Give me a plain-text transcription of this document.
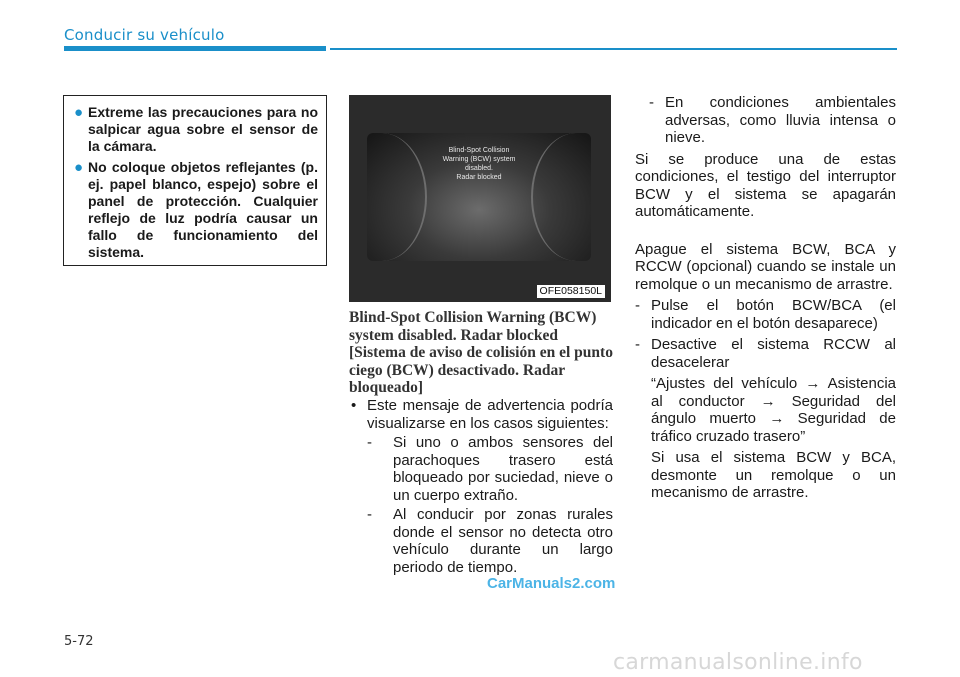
Conducir su vehículo
● Extreme las precauciones para no salpicar agua sobre el sensor de la cámara.
● No coloque objetos reflejantes (p. ej. papel blanco, espejo) sobre el panel de protección. Cualquier reflejo de luz podría causar un fallo de funcionamiento del sistema.
Blind-Spot Collision
Warning (BCW) system
disabled.
Radar blocked
OFE058150L
Blind-Spot Collision Warning (BCW) system disabled. Radar blocked [Sistema de aviso de colisión en el punto ciego (BCW) desactivado. Radar bloqueado]
• Este mensaje de advertencia podría visualizarse en los casos siguientes:
- Si uno o ambos sensores del parachoques trasero está bloqueado por suciedad, nieve o un cuerpo extraño.
- Al conducir por zonas rurales donde el sensor no detecta otro vehículo durante un largo periodo de tiempo.
- En condiciones ambientales adversas, como lluvia intensa o nieve.

Si se produce una de estas condiciones, el testigo del interruptor BCW y el sistema se apagarán automáticamente.

Apague el sistema BCW, BCA y RCCW (opcional) cuando se instale un remolque o un mecanismo de arrastre.

- Pulse el botón BCW/BCA (el indicador en el botón desaparece)
- Desactive el sistema RCCW al desacelerar
“Ajustes del vehículo → Asistencia al conductor → Seguridad del ángulo muerto → Seguridad de tráfico cruzado trasero”
Si usa el sistema BCW y BCA, desmonte un remolque o un mecanismo de arrastre.
CarManuals2.com
5-72
carmanualsonline.info
